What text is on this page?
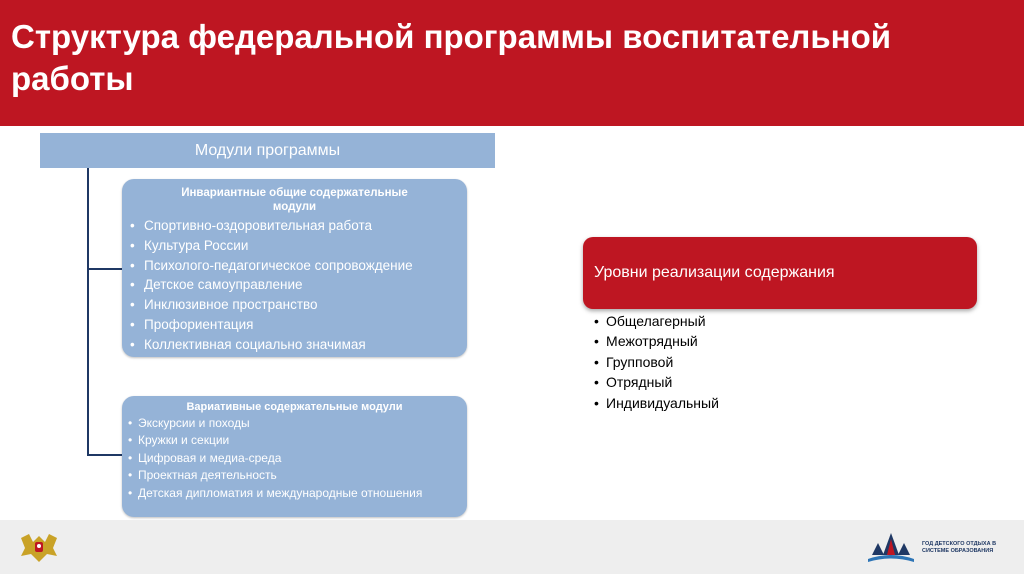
Структура федеральной программы воспитательной работы
Модули программы
Инвариантные общие содержательные модули
• Спортивно-оздоровительная работа
• Культура России
• Психолого-педагогическое сопровождение
• Детское самоуправление
• Инклюзивное пространство
• Профориентация
• Коллективная социально значимая
Вариативные содержательные модули
• Экскурсии и походы
• Кружки и секции
• Цифровая и медиа-среда
• Проектная деятельность
• Детская дипломатия и международные отношения
Уровни реализации содержания
• Общелагерный
• Межотрядный
• Групповой
• Отрядный
• Индивидуальный
ГОД ДЕТСКОГО ОТДЫХА В СИСТЕМЕ ОБРАЗОВАНИЯ
